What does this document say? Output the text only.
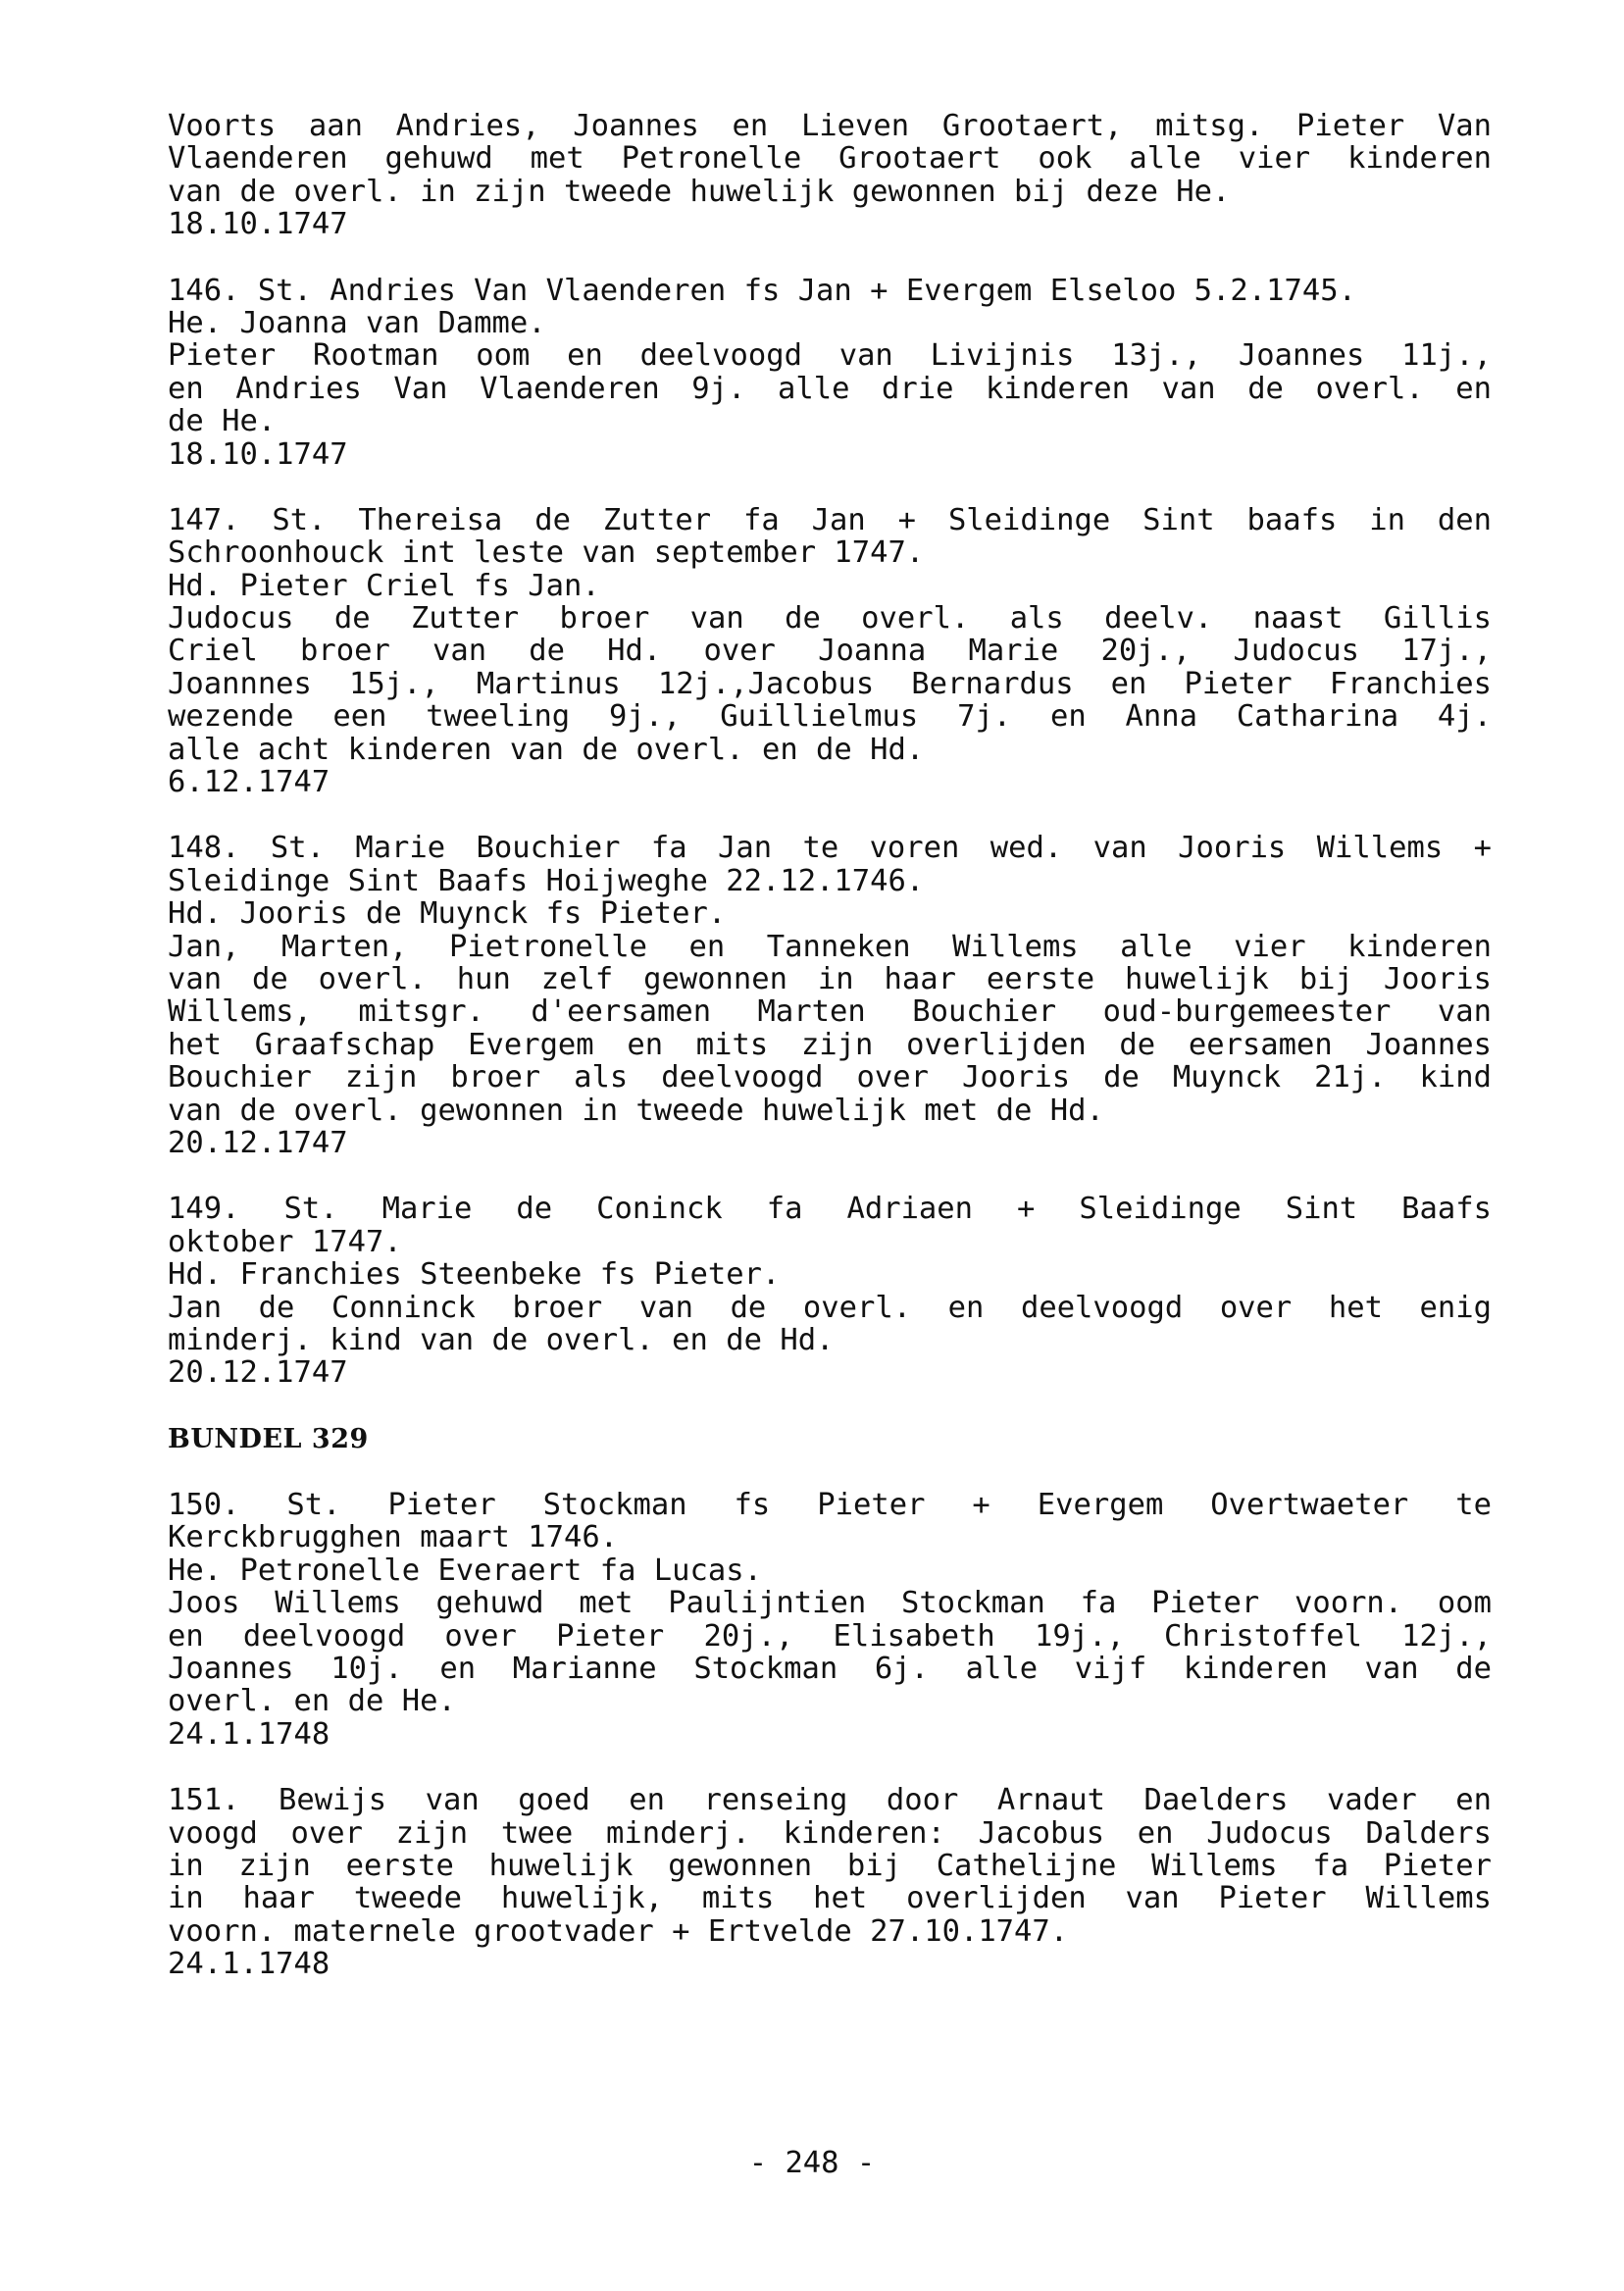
Voorts aan Andries, Joannes en Lieven Grootaert, mitsg. Pieter Van
Vlaenderen gehuwd met Petronelle Grootaert ook alle vier kinderen
van de overl. in zijn tweede huwelijk gewonnen bij deze He.
18.10.1747
146. St. Andries Van Vlaenderen fs Jan + Evergem Elseloo 5.2.1745.
He. Joanna van Damme.
Pieter Rootman oom en deelvoogd van Livijnis 13j., Joannes 11j.,
en Andries Van Vlaenderen 9j. alle drie kinderen van de overl. en
de He.
18.10.1747
147. St. Thereisa de Zutter fa Jan + Sleidinge Sint baafs in den
Schroonhouck int leste van september 1747.
Hd. Pieter Criel fs Jan.
Judocus de Zutter broer van de overl. als deelv. naast Gillis
Criel broer van de Hd. over Joanna Marie 20j., Judocus 17j.,
Joannnes 15j., Martinus 12j.,Jacobus Bernardus en Pieter Franchies
wezende een tweeling 9j., Guillielmus 7j. en Anna Catharina 4j.
alle acht kinderen van de overl. en de Hd.
6.12.1747
148. St. Marie Bouchier fa Jan te voren wed. van Jooris Willems +
Sleidinge Sint Baafs Hoijweghe 22.12.1746.
Hd. Jooris de Muynck fs Pieter.
Jan, Marten, Pietronelle en Tanneken Willems alle vier kinderen
van de overl. hun zelf gewonnen in haar eerste huwelijk bij Jooris
Willems, mitsgr. d'eersamen Marten Bouchier oud-burgemeester van
het Graafschap Evergem en mits zijn overlijden de eersamen Joannes
Bouchier zijn broer als deelvoogd over Jooris de Muynck 21j. kind
van de overl. gewonnen in tweede huwelijk met de Hd.
20.12.1747
149. St. Marie de Coninck fa Adriaen + Sleidinge Sint Baafs
oktober 1747.
Hd. Franchies Steenbeke fs Pieter.
Jan de Conninck broer van de overl. en deelvoogd over het enig
minderj. kind van de overl. en de Hd.
20.12.1747
BUNDEL 329
150. St. Pieter Stockman fs Pieter + Evergem Overtwaeter te
Kerckbrugghen maart 1746.
He. Petronelle Everaert fa Lucas.
Joos Willems gehuwd met Paulijntien Stockman fa Pieter voorn. oom
en deelvoogd over Pieter 20j., Elisabeth 19j., Christoffel 12j.,
Joannes 10j. en Marianne Stockman 6j. alle vijf kinderen van de
overl. en de He.
24.1.1748
151. Bewijs van goed en renseing door Arnaut Daelders vader en
voogd over zijn twee minderj. kinderen: Jacobus en Judocus Dalders
in zijn eerste huwelijk gewonnen bij Cathelijne Willems fa Pieter
in haar tweede huwelijk, mits het overlijden van Pieter Willems
voorn. maternele grootvader + Ertvelde 27.10.1747.
24.1.1748
- 248 -
